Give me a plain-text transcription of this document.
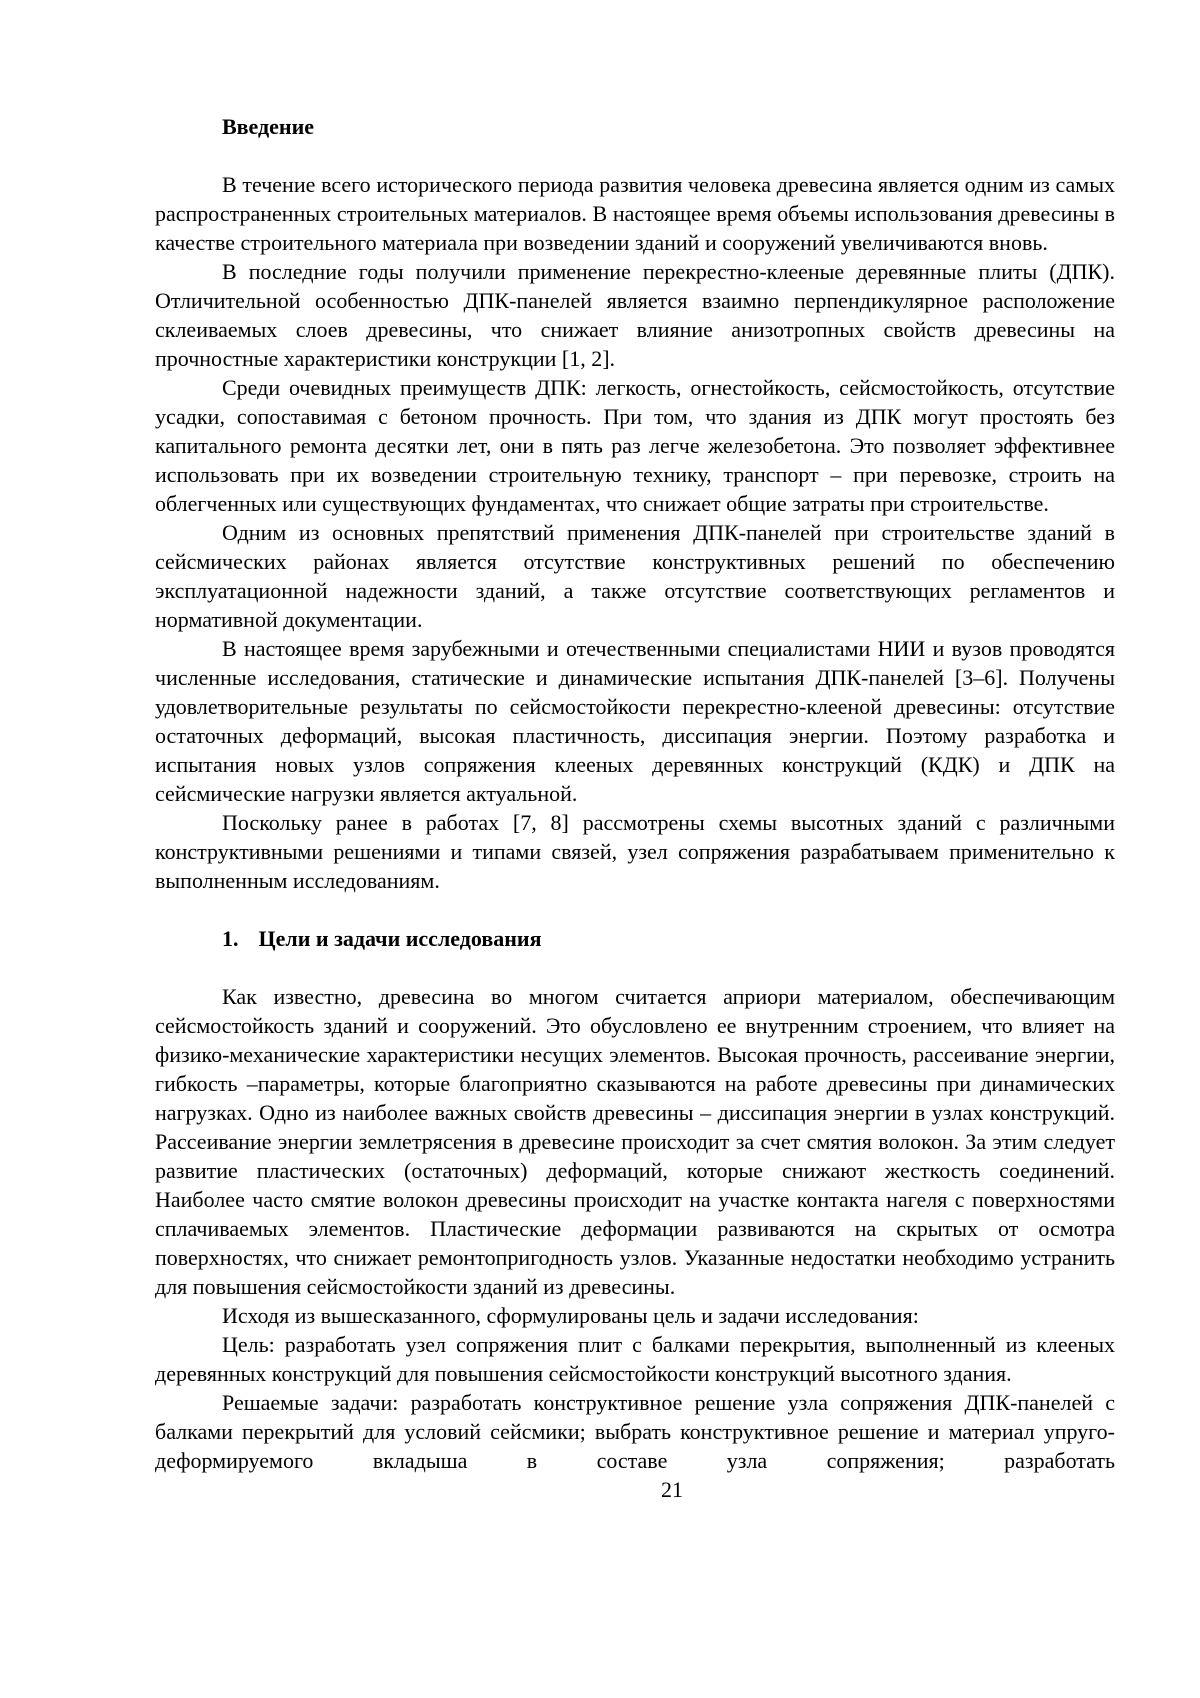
Введение

В течение всего исторического периода развития человека древесина является одним из самых распространенных строительных материалов. В настоящее время объемы использования древесины в качестве строительного материала при возведении зданий и сооружений увеличиваются вновь.

В последние годы получили применение перекрестно-клееные деревянные плиты (ДПК). Отличительной особенностью ДПК-панелей является взаимно перпендикулярное расположение склеиваемых слоев древесины, что снижает влияние анизотропных свойств древесины на прочностные характеристики конструкции [1, 2].

Среди очевидных преимуществ ДПК: легкость, огнестойкость, сейсмостойкость, отсутствие усадки, сопоставимая с бетоном прочность. При том, что здания из ДПК могут простоять без капитального ремонта десятки лет, они в пять раз легче железобетона. Это позволяет эффективнее использовать при их возведении строительную технику, транспорт – при перевозке, строить на облегченных или существующих фундаментах, что снижает общие затраты при строительстве.

Одним из основных препятствий применения ДПК-панелей при строительстве зданий в сейсмических районах является отсутствие конструктивных решений по обеспечению эксплуатационной надежности зданий, а также отсутствие соответствующих регламентов и нормативной документации.

В настоящее время зарубежными и отечественными специалистами НИИ и вузов проводятся численные исследования, статические и динамические испытания ДПК-панелей [3–6]. Получены удовлетворительные результаты по сейсмостойкости перекрестно-клееной древесины: отсутствие остаточных деформаций, высокая пластичность, диссипация энергии. Поэтому разработка и испытания новых узлов сопряжения клееных деревянных конструкций (КДК) и ДПК на сейсмические нагрузки является актуальной.

Поскольку ранее в работах [7, 8] рассмотрены схемы высотных зданий с различными конструктивными решениями и типами связей, узел сопряжения разрабатываем применительно к выполненным исследованиям.

1. Цели и задачи исследования

Как известно, древесина во многом считается априори материалом, обеспечивающим сейсмостойкость зданий и сооружений. Это обусловлено ее внутренним строением, что влияет на физико-механические характеристики несущих элементов. Высокая прочность, рассеивание энергии, гибкость –параметры, которые благоприятно сказываются на работе древесины при динамических нагрузках. Одно из наиболее важных свойств древесины – диссипация энергии в узлах конструкций. Рассеивание энергии землетрясения в древесине происходит за счет смятия волокон. За этим следует развитие пластических (остаточных) деформаций, которые снижают жесткость соединений. Наиболее часто смятие волокон древесины происходит на участке контакта нагеля с поверхностями сплачиваемых элементов. Пластические деформации развиваются на скрытых от осмотра поверхностях, что снижает ремонтопригодность узлов. Указанные недостатки необходимо устранить для повышения сейсмостойкости зданий из древесины.

Исходя из вышесказанного, сформулированы цель и задачи исследования:

Цель: разработать узел сопряжения плит с балками перекрытия, выполненный из клееных деревянных конструкций для повышения сейсмостойкости конструкций высотного здания.

Решаемые задачи: разработать конструктивное решение узла сопряжения ДПК-панелей с балками перекрытий для условий сейсмики; выбрать конструктивное решение и материал упруго-деформируемого вкладыша в составе узла сопряжения; разработать

21
